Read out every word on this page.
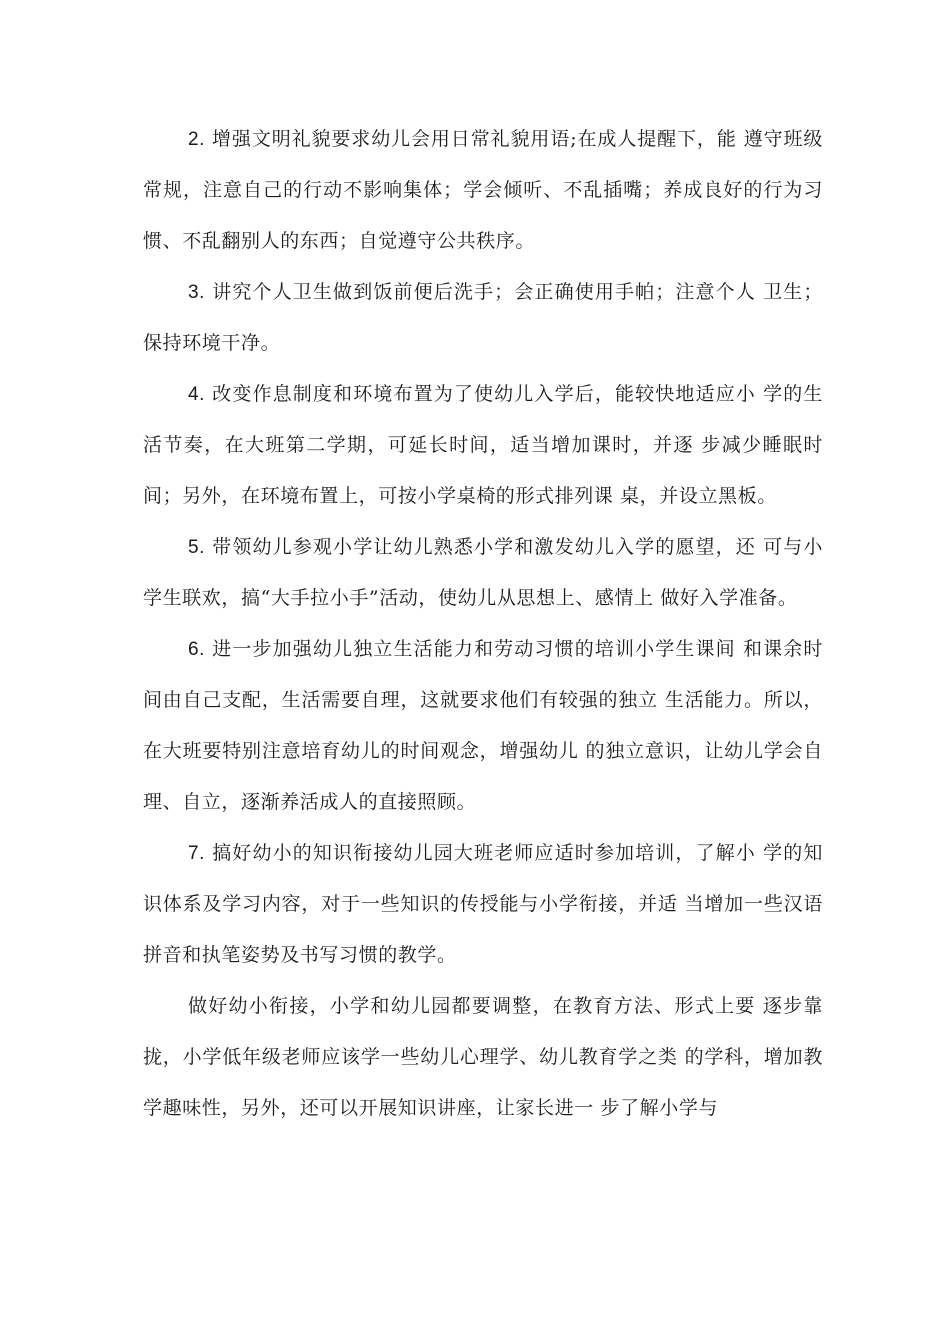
2. 增强文明礼貌要求幼儿会用日常礼貌用语;在成人提醒下，能 遵守班级常规，注意自己的行动不影响集体；学会倾听、不乱插嘴；养成良好的行为习惯、不乱翻别人的东西；自觉遵守公共秩序。

3. 讲究个人卫生做到饭前便后洗手；会正确使用手帕；注意个人 卫生；保持环境干净。

4. 改变作息制度和环境布置为了使幼儿入学后，能较快地适应小 学的生活节奏，在大班第二学期，可延长时间，适当增加课时，并逐 步减少睡眠时间；另外，在环境布置上，可按小学桌椅的形式排列课 桌，并设立黑板。

5. 带领幼儿参观小学让幼儿熟悉小学和激发幼儿入学的愿望，还 可与小学生联欢，搞“大手拉小手”活动，使幼儿从思想上、感情上 做好入学准备。

6. 进一步加强幼儿独立生活能力和劳动习惯的培训小学生课间 和课余时间由自己支配，生活需要自理，这就要求他们有较强的独立 生活能力。所以，在大班要特别注意培育幼儿的时间观念，增强幼儿 的独立意识，让幼儿学会自理、自立，逐渐养活成人的直接照顾。

7. 搞好幼小的知识衔接幼儿园大班老师应适时参加培训，了解小 学的知识体系及学习内容，对于一些知识的传授能与小学衔接，并适 当增加一些汉语拼音和执笔姿势及书写习惯的教学。

做好幼小衔接，小学和幼儿园都要调整，在教育方法、形式上要 逐步靠拢，小学低年级老师应该学一些幼儿心理学、幼儿教育学之类 的学科，增加教学趣味性，另外，还可以开展知识讲座，让家长进一 步了解小学与
